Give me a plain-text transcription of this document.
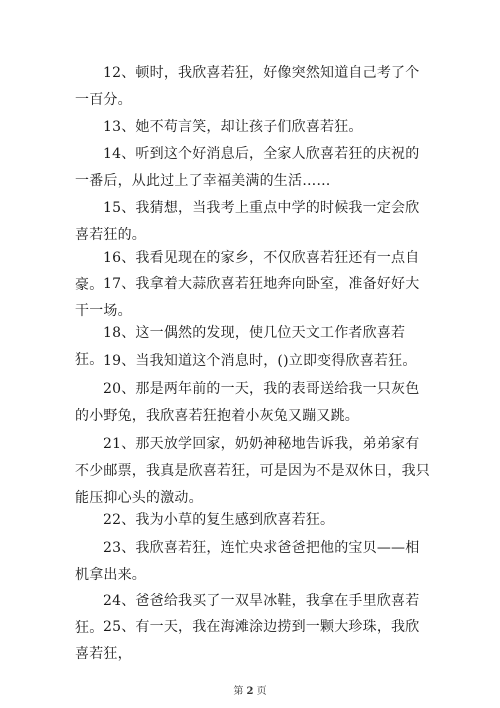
12、顿时，我欣喜若狂，好像突然知道自己考了个一百分。

13、她不苟言笑，却让孩子们欣喜若狂。

14、听到这个好消息后，全家人欣喜若狂的庆祝的一番后，从此过上了幸福美满的生活……

15、我猜想，当我考上重点中学的时候我一定会欣喜若狂的。

16、我看见现在的家乡，不仅欣喜若狂还有一点自豪。 17、我拿着大蒜欣喜若狂地奔向卧室，准备好好大干一场。

18、这一偶然的发现，使几位天文工作者欣喜若狂。 19、当我知道这个消息时，()立即变得欣喜若狂。

20、那是两年前的一天，我的表哥送给我一只灰色的小野兔，我欣喜若狂抱着小灰兔又蹦又跳。

21、那天放学回家，奶奶神秘地告诉我，弟弟家有不少邮票，我真是欣喜若狂，可是因为不是双休日，我只能压抑心头的激动。

22、我为小草的复生感到欣喜若狂。

23、我欣喜若狂，连忙央求爸爸把他的宝贝——相机拿出来。

24、爸爸给我买了一双旱冰鞋，我拿在手里欣喜若狂。 25、有一天，我在海滩涂边捞到一颗大珍珠，我欣喜若狂，

第 2 页
